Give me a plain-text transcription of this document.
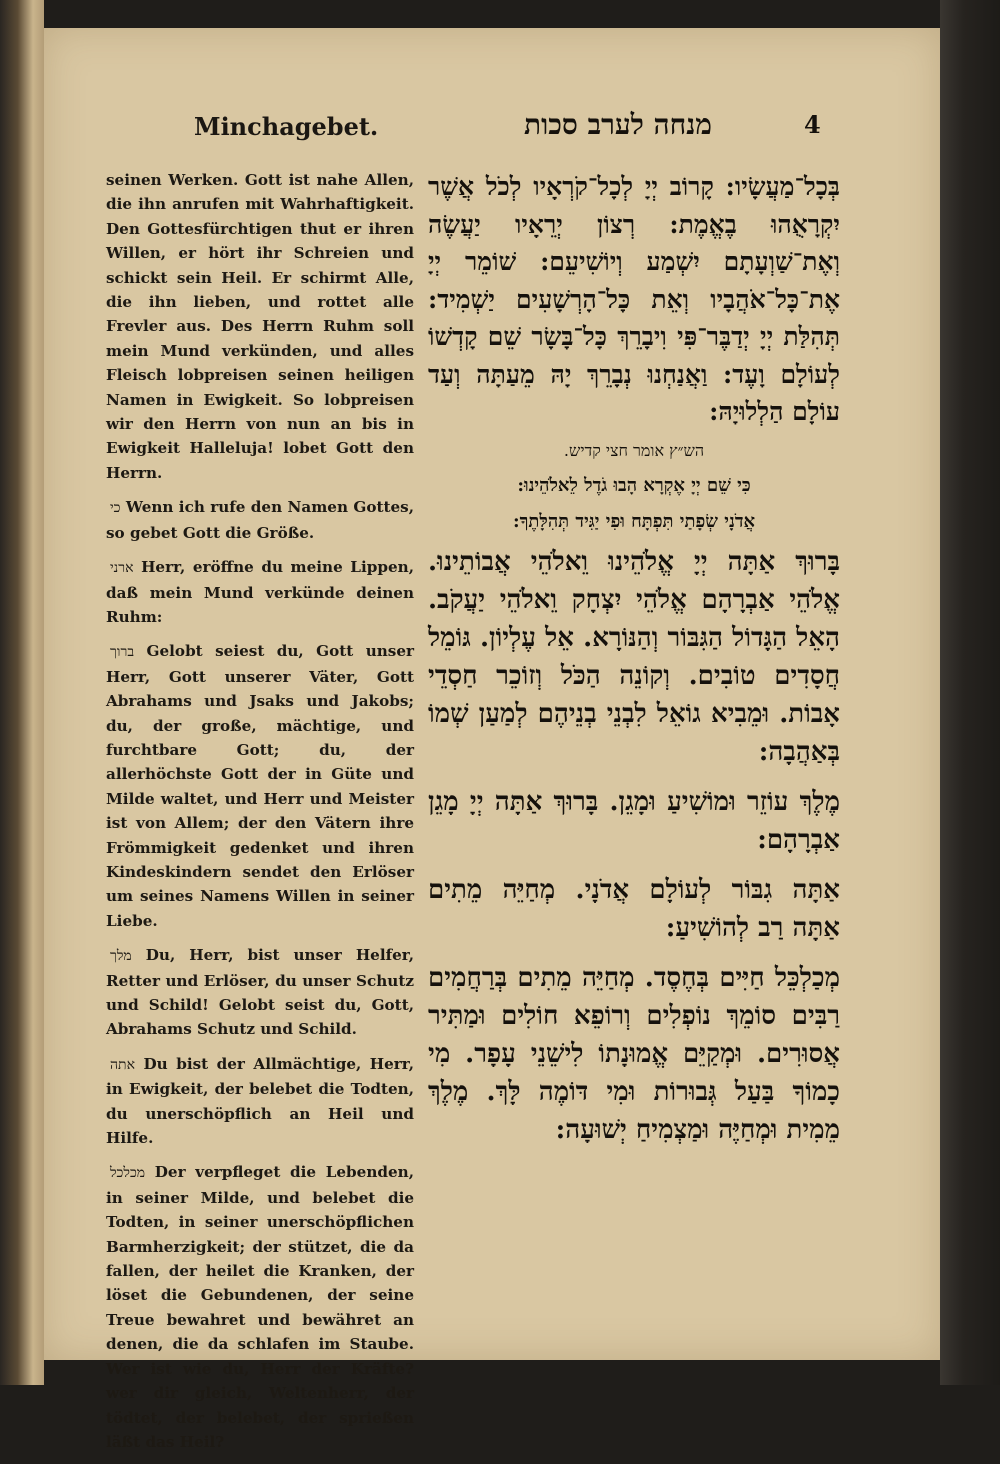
Minchagebet.	מנחה לערב סכות	4

seinen Werken. Gott ist nahe Allen, die ihn anrufen mit Wahrhaftigkeit. Den Gottesfürchtigen thut er ihren Willen, er hört ihr Schreien und schickt sein Heil. Er schirmt Alle, die ihn lieben, und rottet alle Frevler aus. Des Herrn Ruhm soll mein Mund verkünden, und alles Fleisch lobpreisen seinen heiligen Namen in Ewigkeit. So lobpreisen wir den Herrn von nun an bis in Ewigkeit Halleluja! lobet Gott den Herrn.

כי Wenn ich rufe den Namen Gottes, so gebet Gott die Größe.

ארני Herr, eröffne du meine Lippen, daß mein Mund verkünde deinen Ruhm:

ברוך Gelobt seiest du, Gott unser Herr, Gott unserer Väter, Gott Abrahams und Jsaks und Jakobs; du, der große, mächtige, und furchtbare Gott; du, der allerhöchste Gott der in Güte und Milde waltet, und Herr und Meister ist von Allem; der den Vätern ihre Frömmigkeit gedenket und ihren Kindeskindern sendet den Erlöser um seines Namens Willen in seiner Liebe.

מלך Du, Herr, bist unser Helfer, Retter und Erlöser, du unser Schutz und Schild! Gelobt seist du, Gott, Abrahams Schutz und Schild.

אתה Du bist der Allmächtige, Herr, in Ewigkeit, der belebet die Todten, du unerschöpflich an Heil und Hilfe.

מכלכל Der verpfleget die Lebenden, in seiner Milde, und belebet die Todten, in seiner unerschöpflichen Barmherzigkeit; der stützet, die da fallen, der heilet die Kranken, der löset die Gebundenen, der seine Treue bewahret und bewähret an denen, die da schlafen im Staube. Wer ist wie du, Herr der Kräfte? wer dir gleich, Weltenherr, der tödtet, der belebet, der sprießen läßt das Heil?

בְּכָל־מַעֲשָׂיו: קָרוֹב יְיָ לְכָל־קֹרְאָיו לְכֹל אֲשֶׁר יִקְרָאֻהוּ בֶאֱמֶת: רְצוֹן יְרֵאָיו יַעֲשֶׂה וְאֶת־שַׁוְעָתָם יִשְׁמַע וְיוֹשִׁיעֵם: שׁוֹמֵר יְיָ אֶת־כָּל־אֹהֲבָיו וְאֵת כָּל־הָרְשָׁעִים יַשְׁמִיד: תְּהִלַּת יְיָ יְדַבֶּר־פִּי וִיבָרֵךְ כָּל־בָּשָׂר שֵׁם קָדְשׁוֹ לְעוֹלָם וָעֶד: וַאֲנַחְנוּ נְבָרֵךְ יָהּ מֵעַתָּה וְעַד עוֹלָם הַלְלוּיָהּ:
הש״ץ אומר חצי קדיש.
כִּי שֵׁם יְיָ אֶקְרָא הָבוּ גֹדֶל לֵאלֹהֵינוּ:
אֲדֹנָי שְׂפָתַי תִּפְתָּח וּפִי יַגִּיד תְּהִלָּתֶךָ:
בָּרוּךְ אַתָּה יְיָ אֱלֹהֵינוּ וֵאלֹהֵי אֲבוֹתֵינוּ. אֱלֹהֵי אַבְרָהָם אֱלֹהֵי יִצְחָק וֵאלֹהֵי יַעֲקֹב. הָאֵל הַגָּדוֹל הַגִּבּוֹר וְהַנּוֹרָא. אֵל עֶלְיוֹן. גּוֹמֵל חֲסָדִים טוֹבִים. וְקוֹנֵה הַכֹּל וְזוֹכֵר חַסְדֵי אָבוֹת. וּמֵבִיא גוֹאֵל לִבְנֵי בְנֵיהֶם לְמַעַן שְׁמוֹ בְּאַהֲבָה:
מֶלֶךְ עוֹזֵר וּמוֹשִׁיעַ וּמָגֵן. בָּרוּךְ אַתָּה יְיָ מָגֵן אַבְרָהָם:
אַתָּה גִבּוֹר לְעוֹלָם אֲדֹנָי. מְחַיֵּה מֵתִים אַתָּה רַב לְהוֹשִׁיעַ:
מְכַלְכֵּל חַיִּים בְּחֶסֶד. מְחַיֵּה מֵתִים בְּרַחֲמִים רַבִּים סוֹמֵךְ נוֹפְלִים וְרוֹפֵא חוֹלִים וּמַתִּיר אֲסוּרִים. וּמְקַיֵּם אֱמוּנָתוֹ לִישֵׁנֵי עָפָר. מִי כָמוֹךָ בַּעַל גְּבוּרוֹת וּמִי דּוֹמֶה לָּךְ. מֶלֶךְ מֵמִית וּמְחַיֶּה וּמַצְמִיחַ יְשׁוּעָה:
